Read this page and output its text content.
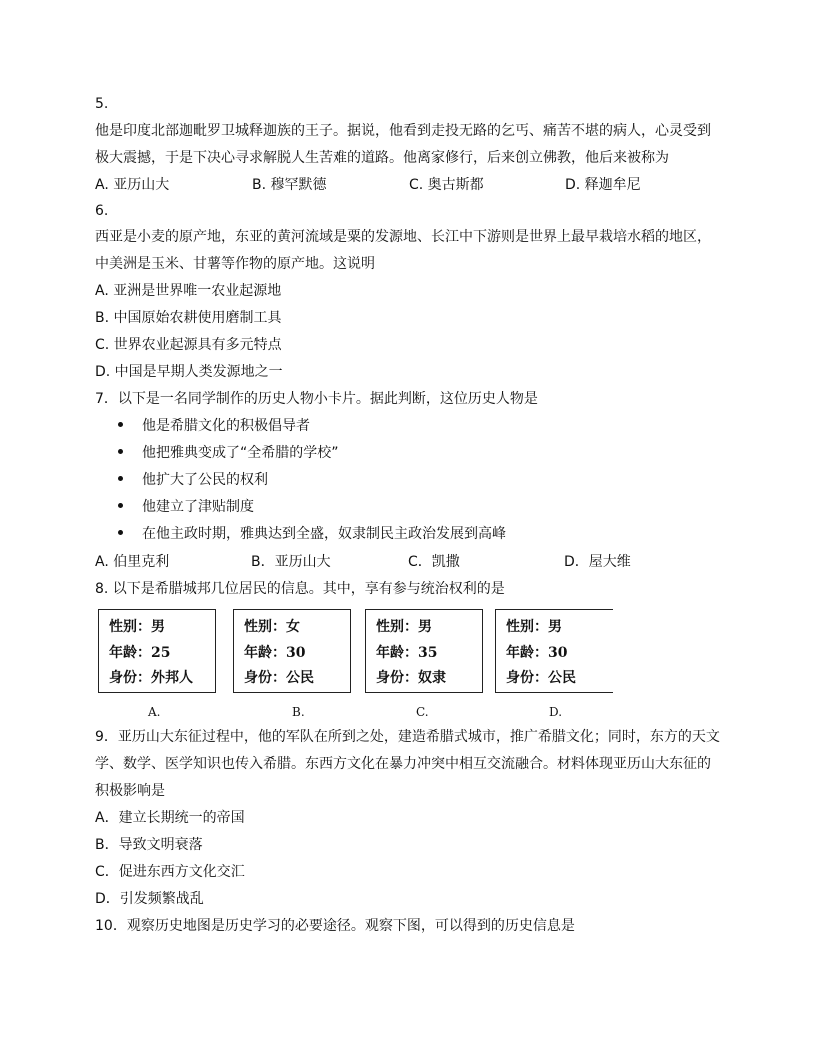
5.
他是印度北部迦毗罗卫城释迦族的王子。据说，他看到走投无路的乞丐、痛苦不堪的病人，心灵受到
极大震撼，于是下决心寻求解脱人生苦难的道路。他离家修行，后来创立佛教，他后来被称为
A. 亚历山大	B. 穆罕默德	C. 奥古斯都	D. 释迦牟尼
6.
西亚是小麦的原产地，东亚的黄河流域是粟的发源地、长江中下游则是世界上最早栽培水稻的地区，
中美洲是玉米、甘薯等作物的原产地。这说明
A. 亚洲是世界唯一农业起源地
B. 中国原始农耕使用磨制工具
C. 世界农业起源具有多元特点
D. 中国是早期人类发源地之一
7．以下是一名同学制作的历史人物小卡片。据此判断，这位历史人物是
他是希腊文化的积极倡导者
他把雅典变成了“全希腊的学校”
他扩大了公民的权利
他建立了津贴制度
在他主政时期，雅典达到全盛，奴隶制民主政治发展到高峰
A. 伯里克利	B．亚历山大	C．凯撒	D．屋大维
8. 以下是希腊城邦几位居民的信息。其中，享有参与统治权利的是
性别：男
年龄：25
身份：外邦人
性别：女
年龄：30
身份：公民
性别：男
年龄：35
身份：奴隶
性别：男
年龄：30
身份：公民
A.	B.	C.	D.
9．亚历山大东征过程中，他的军队在所到之处，建造希腊式城市，推广希腊文化；同时，东方的天文
学、数学、医学知识也传入希腊。东西方文化在暴力冲突中相互交流融合。材料体现亚历山大东征的
积极影响是
A．建立长期统一的帝国
B．导致文明衰落
C．促进东西方文化交汇
D．引发频繁战乱
10．观察历史地图是历史学习的必要途径。观察下图，可以得到的历史信息是
